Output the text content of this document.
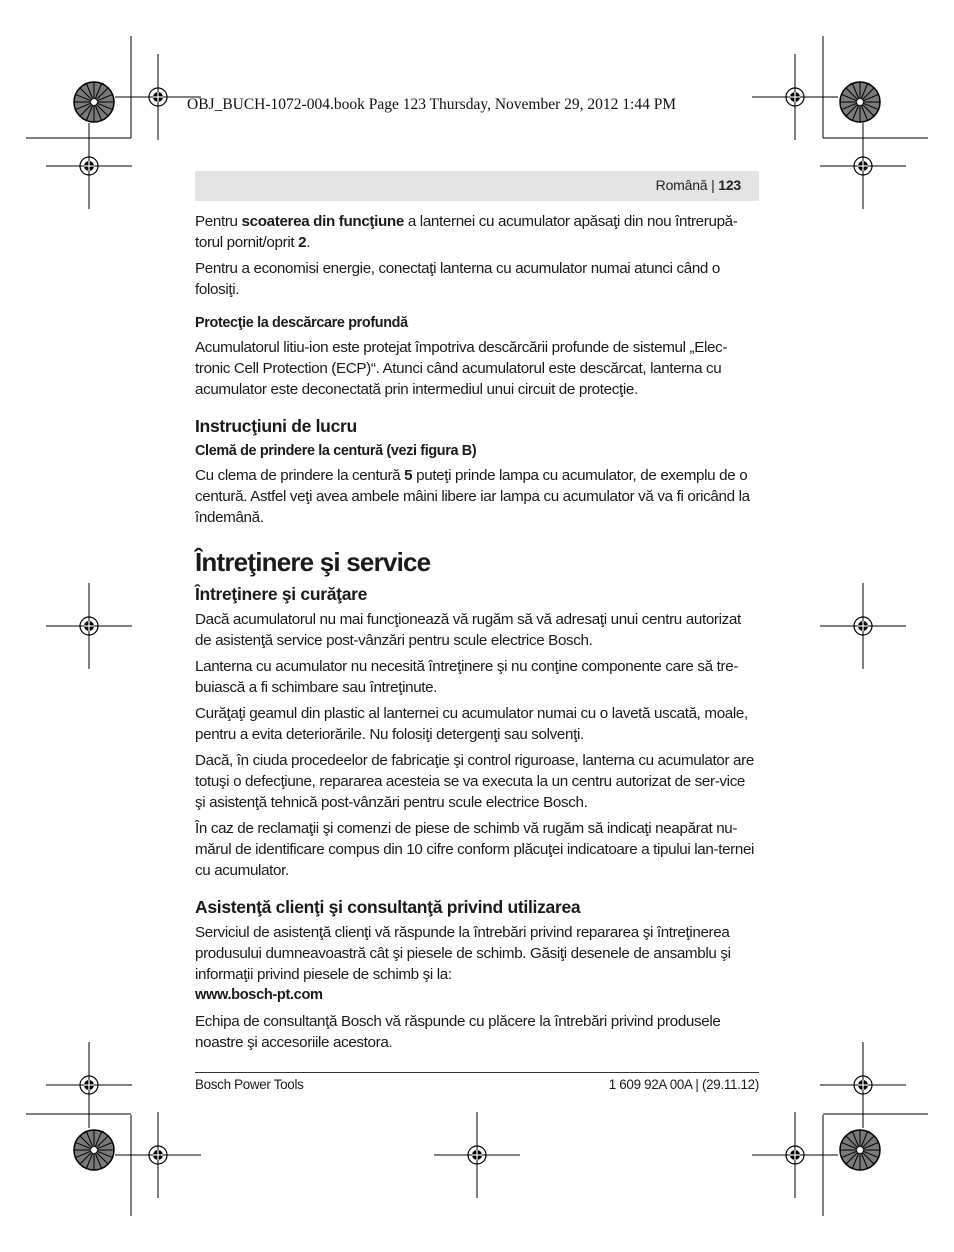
OBJ_BUCH-1072-004.book Page 123 Thursday, November 29, 2012 1:44 PM
Română | 123

Pentru scoaterea din funcţiune a lanternei cu acumulator apăsaţi din nou întrerupă-torul pornit/oprit 2.

Pentru a economisi energie, conectaţi lanterna cu acumulator numai atunci când o folosiţi.

Protecţie la descărcare profundă

Acumulatorul litiu-ion este protejat împotriva descărcării profunde de sistemul „Elec-tronic Cell Protection (ECP)“. Atunci când acumulatorul este descărcat, lanterna cu acumulator este deconectată prin intermediul unui circuit de protecţie.

Instrucţiuni de lucru
Clemă de prindere la centură (vezi figura B)

Cu clema de prindere la centură 5 puteţi prinde lampa cu acumulator, de exemplu de o centură. Astfel veţi avea ambele mâini libere iar lampa cu acumulator vă va fi oricând la îndemână.

Întreţinere şi service
Întreţinere şi curăţare

Dacă acumulatorul nu mai funcţionează vă rugăm să vă adresaţi unui centru autorizat de asistenţă service post-vânzări pentru scule electrice Bosch.

Lanterna cu acumulator nu necesită întreţinere şi nu conţine componente care să tre-buiască a fi schimbare sau întreţinute.

Curăţaţi geamul din plastic al lanternei cu acumulator numai cu o lavetă uscată, moale, pentru a evita deteriorările. Nu folosiţi detergenţi sau solvenţi.

Dacă, în ciuda procedeelor de fabricaţie şi control riguroase, lanterna cu acumulator are totuşi o defecţiune, repararea acesteia se va executa la un centru autorizat de ser-vice şi asistenţă tehnică post-vânzări pentru scule electrice Bosch.

În caz de reclamaţii şi comenzi de piese de schimb vă rugăm să indicaţi neapărat nu-mărul de identificare compus din 10 cifre conform plăcuţei indicatoare a tipului lan-ternei cu acumulator.

Asistenţă clienţi şi consultanţă privind utilizarea

Serviciul de asistenţă clienţi vă răspunde la întrebări privind repararea şi întreţinerea produsului dumneavoastră cât şi piesele de schimb. Găsiţi desenele de ansamblu şi informaţii privind piesele de schimb şi la:

www.bosch-pt.com

Echipa de consultanţă Bosch vă răspunde cu plăcere la întrebări privind produsele noastre şi accesoriile acestora.

Bosch Power Tools	1 609 92A 00A | (29.11.12)
